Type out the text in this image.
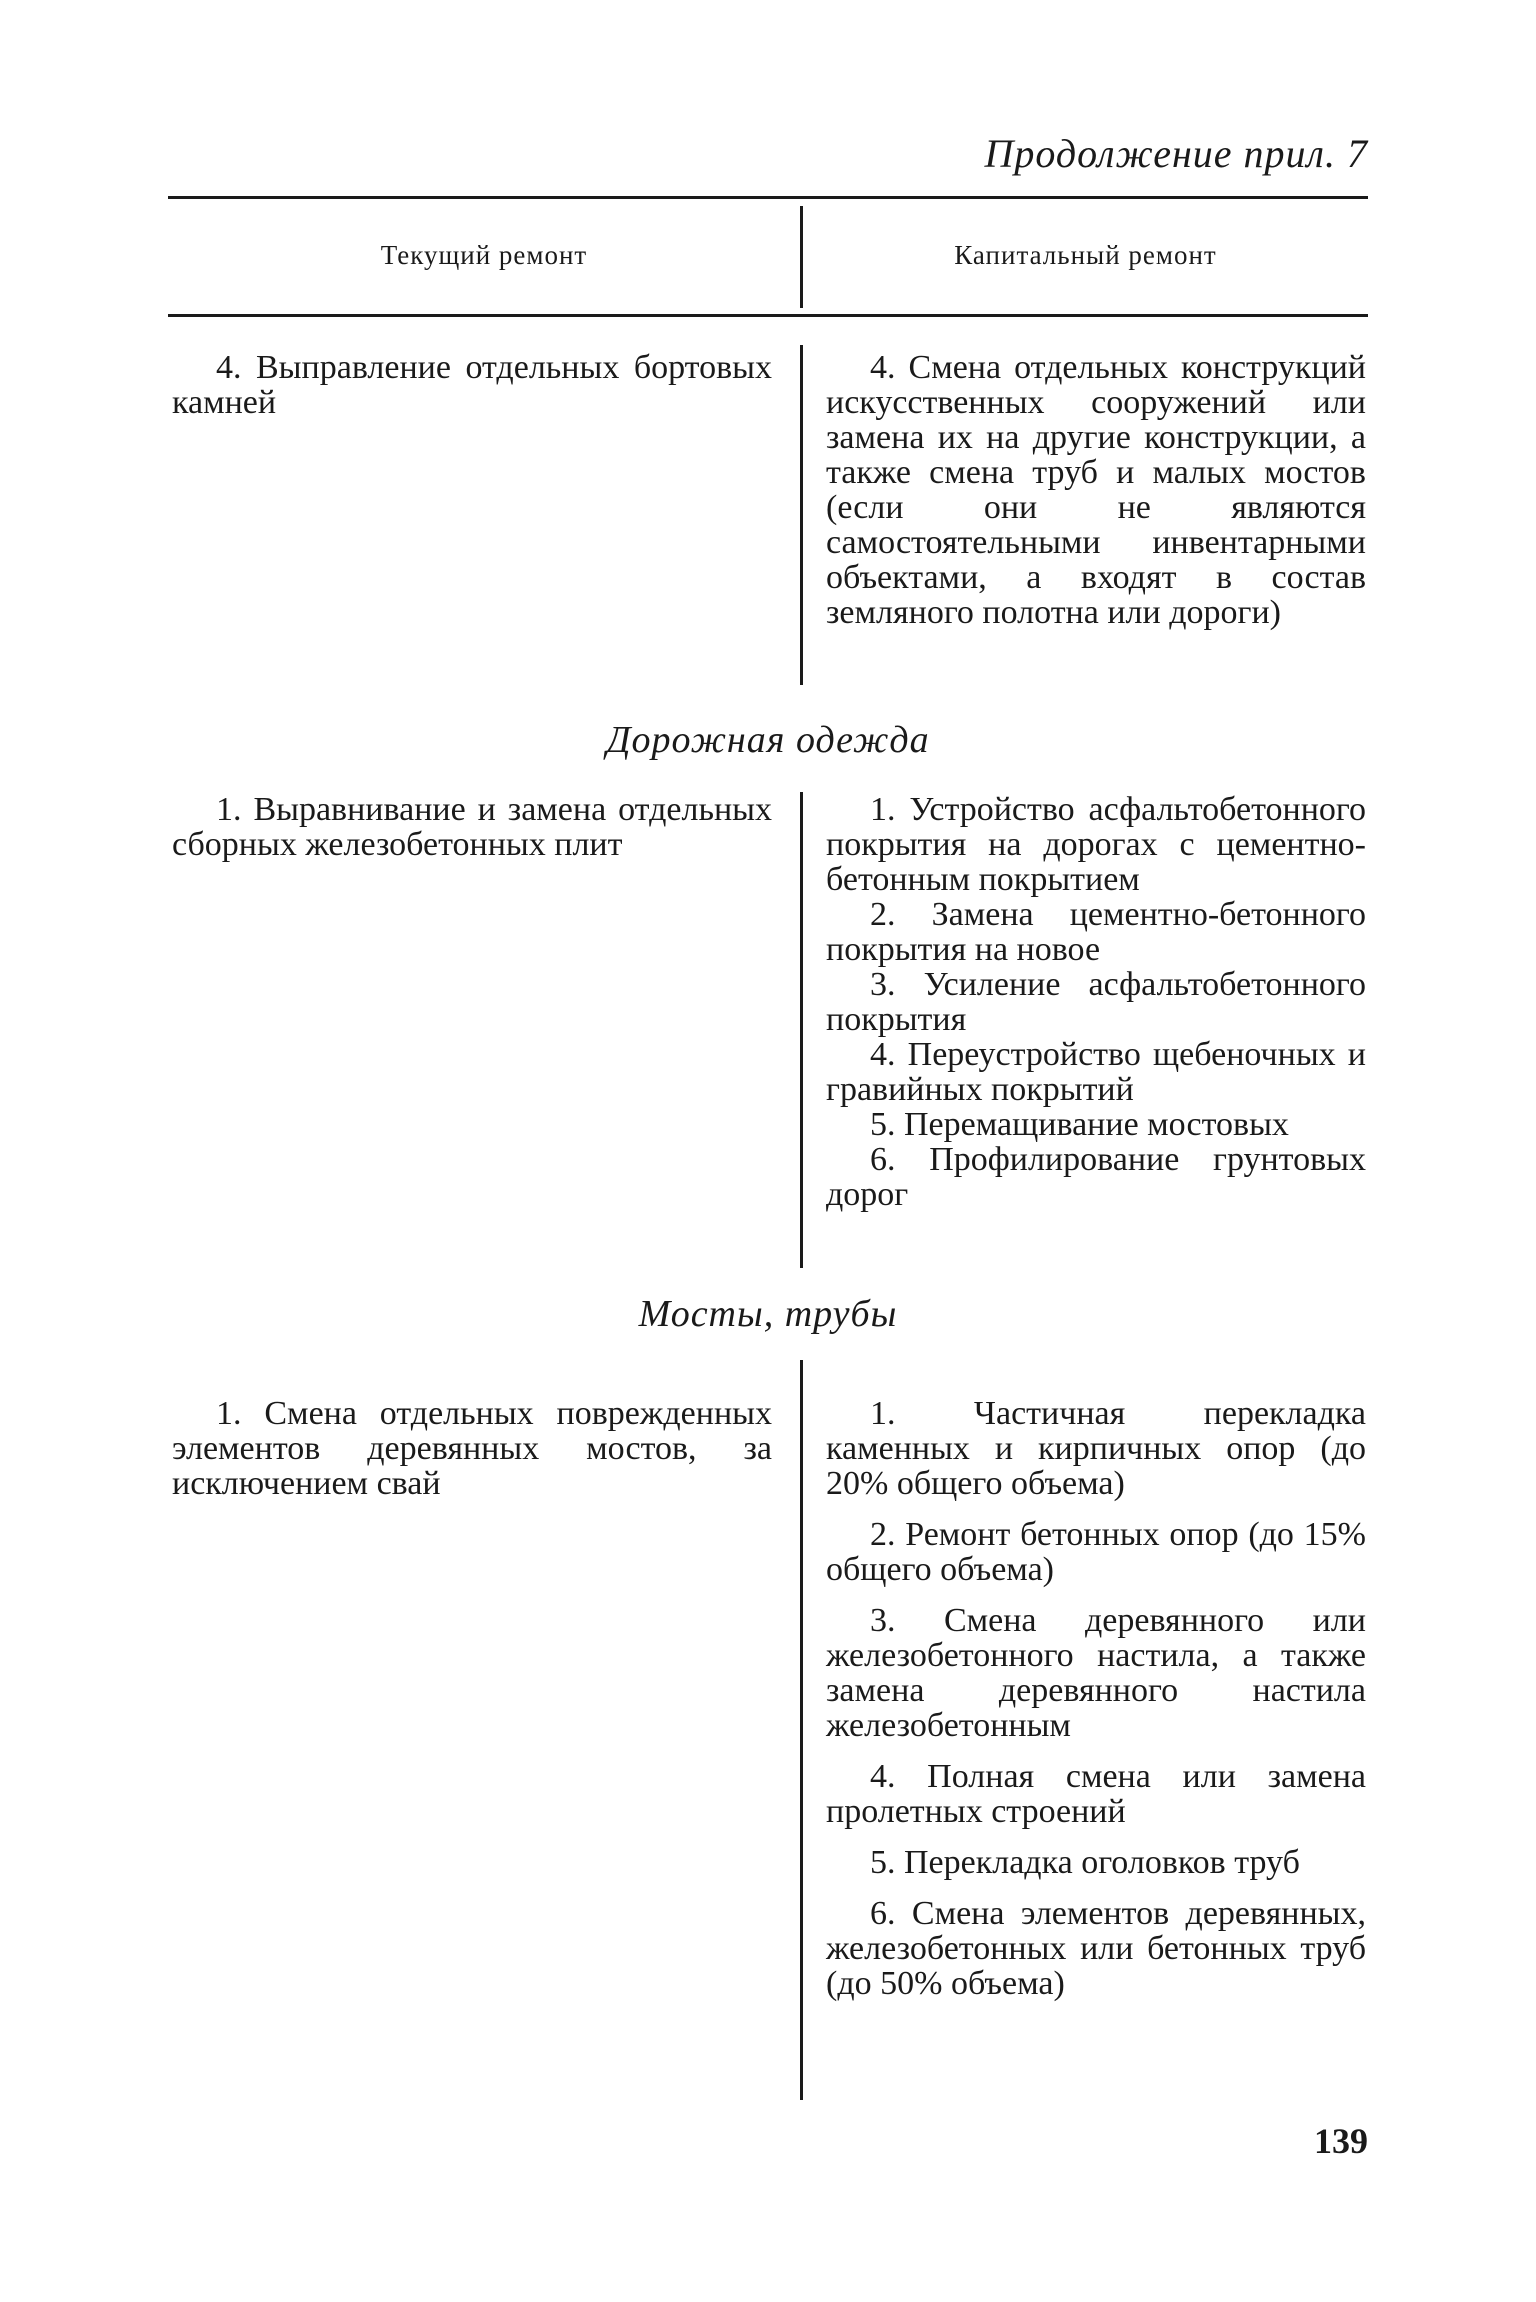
Продолжение прил. 7
Текущий ремонт	Капитальный ремонт

4. Выправление отдельных бортовых камней

4. Смена отдельных конструкций искусственных сооружений или замена их на другие конструкции, а также смена труб и малых мостов (если они не являются самостоятельными инвентарными объектами, а входят в состав земляного полотна или дороги)

Дорожная одежда

1. Выравнивание и замена отдельных сборных железобетонных плит

1. Устройство асфальтобетонного покрытия на дорогах с цементно-бетонным покрытием

2. Замена цементно-бетонного покрытия на новое

3. Усиление асфальтобетонного покрытия

4. Переустройство щебеночных и гравийных покрытий

5. Перемащивание мостовых

6. Профилирование грунтовых дорог

Мосты, трубы

1. Смена отдельных поврежденных элементов деревянных мостов, за исключением свай

1. Частичная перекладка каменных и кирпичных опор (до 20% общего объема)

2. Ремонт бетонных опор (до 15% общего объема)

3. Смена деревянного или железобетонного настила, а также замена деревянного настила железобетонным

4. Полная смена или замена пролетных строений

5. Перекладка оголовков труб

6. Смена элементов деревянных, железобетонных или бетонных труб (до 50% объема)

139
